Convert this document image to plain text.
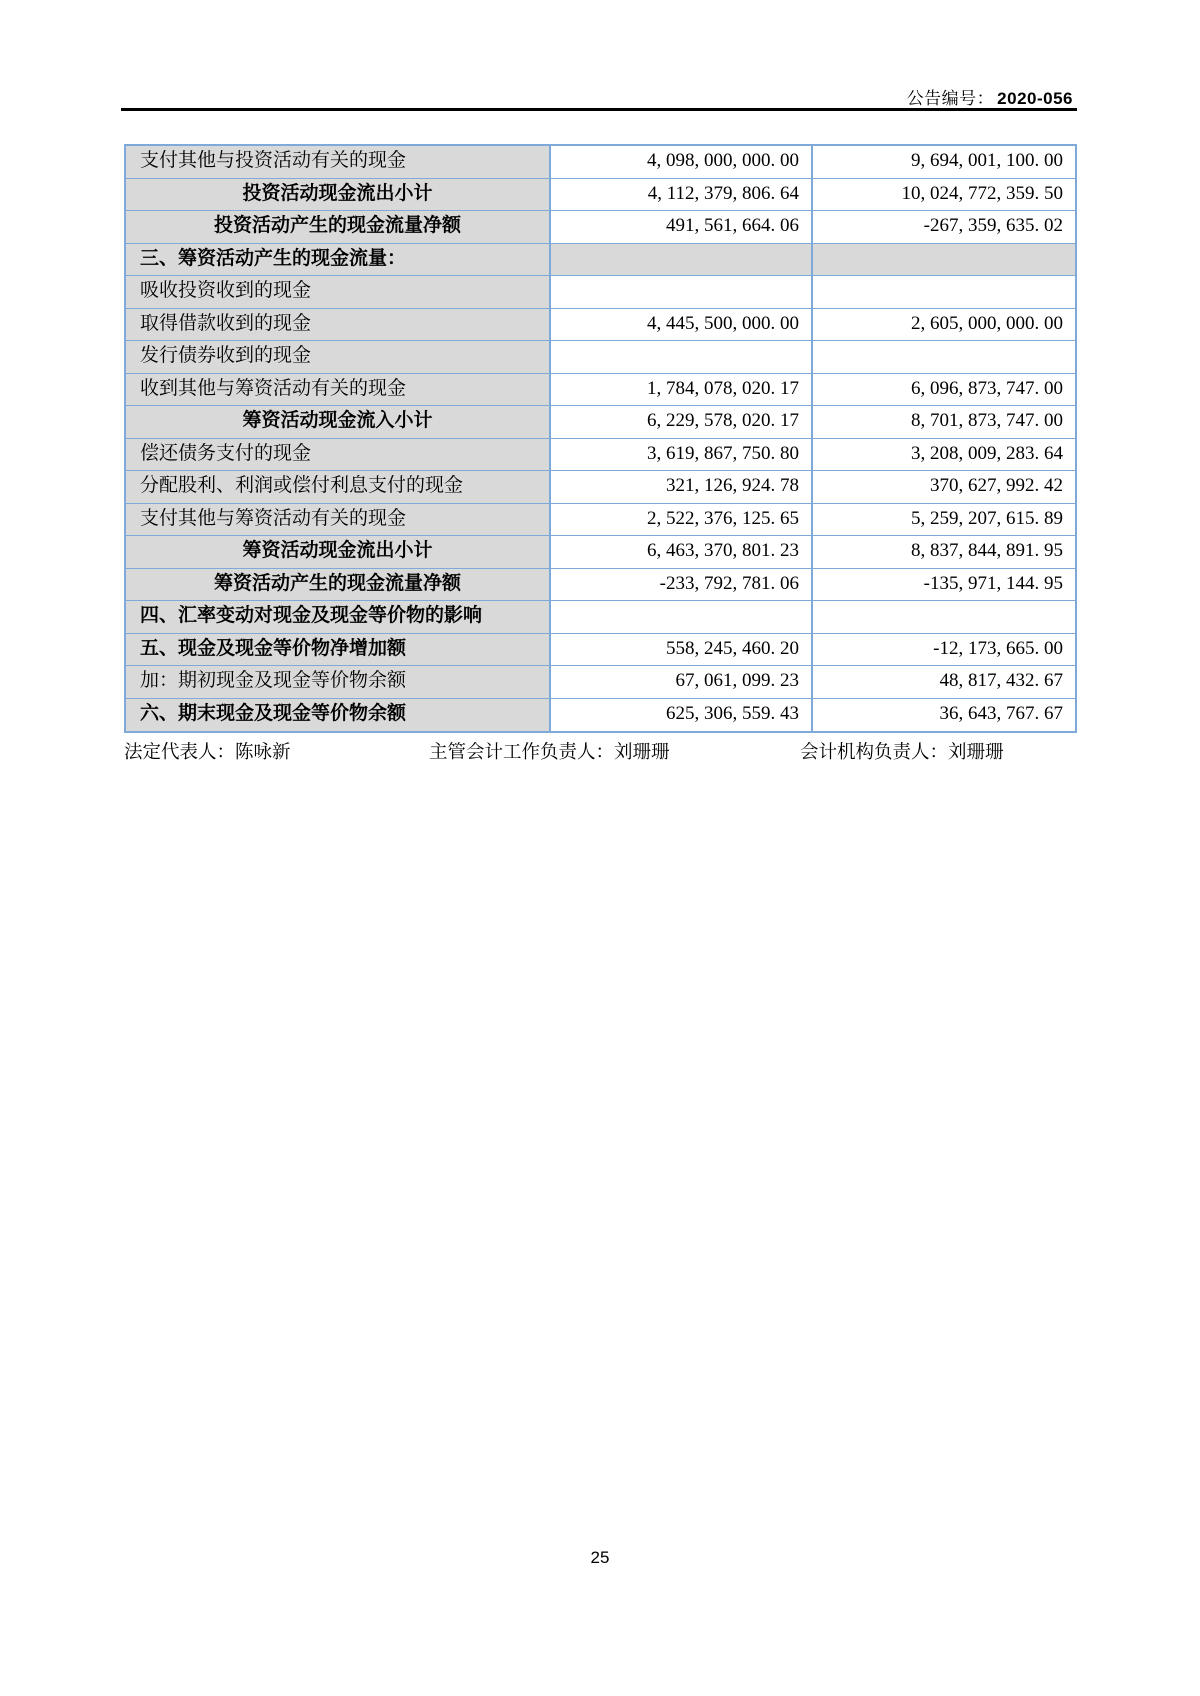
公告编号： 2020-056
支付其他与投资活动有关的现金	4, 098, 000, 000. 00	9, 694, 001, 100. 00
投资活动现金流出小计	4, 112, 379, 806. 64	10, 024, 772, 359. 50
投资活动产生的现金流量净额	491, 561, 664. 06	-267, 359, 635. 02
三、筹资活动产生的现金流量：
吸收投资收到的现金
取得借款收到的现金	4, 445, 500, 000. 00	2, 605, 000, 000. 00
发行债券收到的现金
收到其他与筹资活动有关的现金	1, 784, 078, 020. 17	6, 096, 873, 747. 00
筹资活动现金流入小计	6, 229, 578, 020. 17	8, 701, 873, 747. 00
偿还债务支付的现金	3, 619, 867, 750. 80	3, 208, 009, 283. 64
分配股利、利润或偿付利息支付的现金	321, 126, 924. 78	370, 627, 992. 42
支付其他与筹资活动有关的现金	2, 522, 376, 125. 65	5, 259, 207, 615. 89
筹资活动现金流出小计	6, 463, 370, 801. 23	8, 837, 844, 891. 95
筹资活动产生的现金流量净额	-233, 792, 781. 06	-135, 971, 144. 95
四、汇率变动对现金及现金等价物的影响
五、现金及现金等价物净增加额	558, 245, 460. 20	-12, 173, 665. 00
加：期初现金及现金等价物余额	67, 061, 099. 23	48, 817, 432. 67
六、期末现金及现金等价物余额	625, 306, 559. 43	36, 643, 767. 67
法定代表人：陈咏新	主管会计工作负责人：刘珊珊	会计机构负责人：刘珊珊
25
